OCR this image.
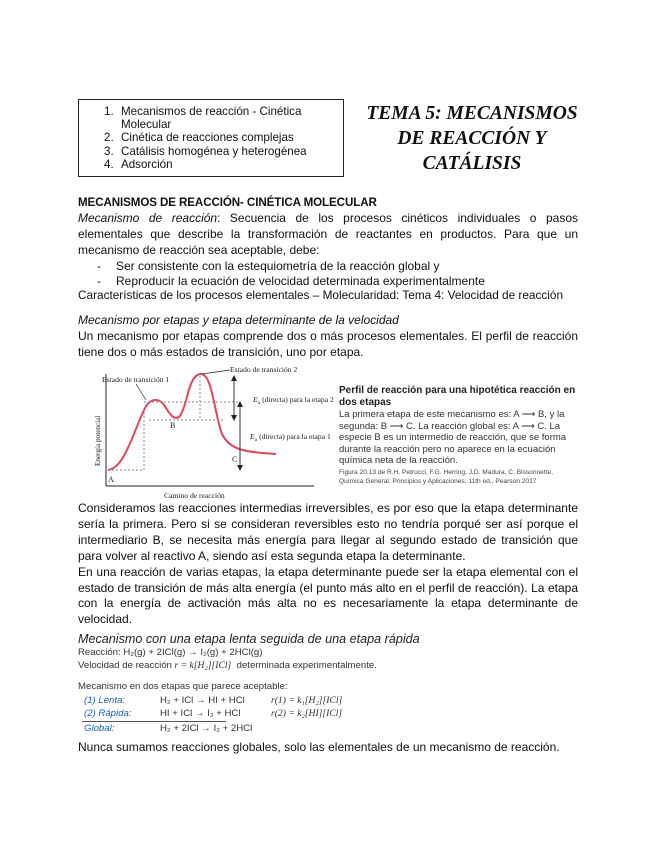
1. Mecanismos de reacción - Cinética Molecular
2. Cinética de reacciones complejas
3. Catálisis homogénea y heterogénea
4. Adsorción
TEMA 5: MECANISMOS
DE REACCIÓN Y
CATÁLISIS
MECANISMOS DE REACCIÓN- CINÉTICA MOLECULAR

Mecanismo de reacción: Secuencia de los procesos cinéticos individuales o pasos elementales que describe la transformación de reactantes en productos. Para que un mecanismo de reacción sea aceptable, debe:

- Ser consistente con la estequiometría de la reacción global y
- Reproducir la ecuación de velocidad determinada experimentalmente
Características de los procesos elementales – Molecularidad: Tema 4: Velocidad de reacción

Mecanismo por etapas y etapa determinante de la velocidad

Un mecanismo por etapas comprende dos o más procesos elementales. El perfil de reacción tiene dos o más estados de transición, uno por etapa.

Estado de transición 1
Estado de transición 2
$E_a$ (directa) para la etapa 2
$E_a$ (directa) para la etapa 1
B
A
C
Energía potencial
Camino de reacción
Perfil de reacción para una hipotética reacción en dos etapas
La primera etapa de este mecanismo es: A ⟶ B, y la segunda: B ⟶ C. La reacción global es: A ⟶ C. La especie B es un intermedio de reacción, que se forma durante la reacción pero no aparece en la ecuación química neta de la reacción.
Figura 20.13 de R.H. Petrucci, F.G. Herring, J.D. Madura, C. Bissonnette, Química General: Principios y Aplicaciones, 11th ed., Pearson 2017

Consideramos las reacciones intermedias irreversibles, es por eso que la etapa determinante sería la primera. Pero si se consideran reversibles esto no tendría porqué ser así porque el intermediario B, se necesita más energía para llegar al segundo estado de transición que para volver al reactivo A, siendo así esta segunda etapa la determinante.

En una reacción de varias etapas, la etapa determinante puede ser la etapa elemental con el estado de transición de más alta energía (el punto más alto en el perfil de reacción). La etapa con la energía de activación más alta no es necesariamente la etapa determinante de velocidad.

Mecanismo con una etapa lenta seguida de una etapa rápida
Reacción: H₂(g) + 2ICl(g) → I₂(g) + 2HCl(g)
Velocidad de reacción r = k[H₂][ICl] determinada experimentalmente.
Mecanismo en dos etapas que parece aceptable:
(1) Lenta:	H₂ + ICl → HI + HCl	r(1) = k₁[H₂][ICl]
(2) Rápida:	HI + ICl → I₂ + HCl	r(2) = k₂[HI][ICl]
Global:	H₂ + 2ICl → I₂ + 2HCl
Nunca sumamos reacciones globales, solo las elementales de un mecanismo de reacción.
